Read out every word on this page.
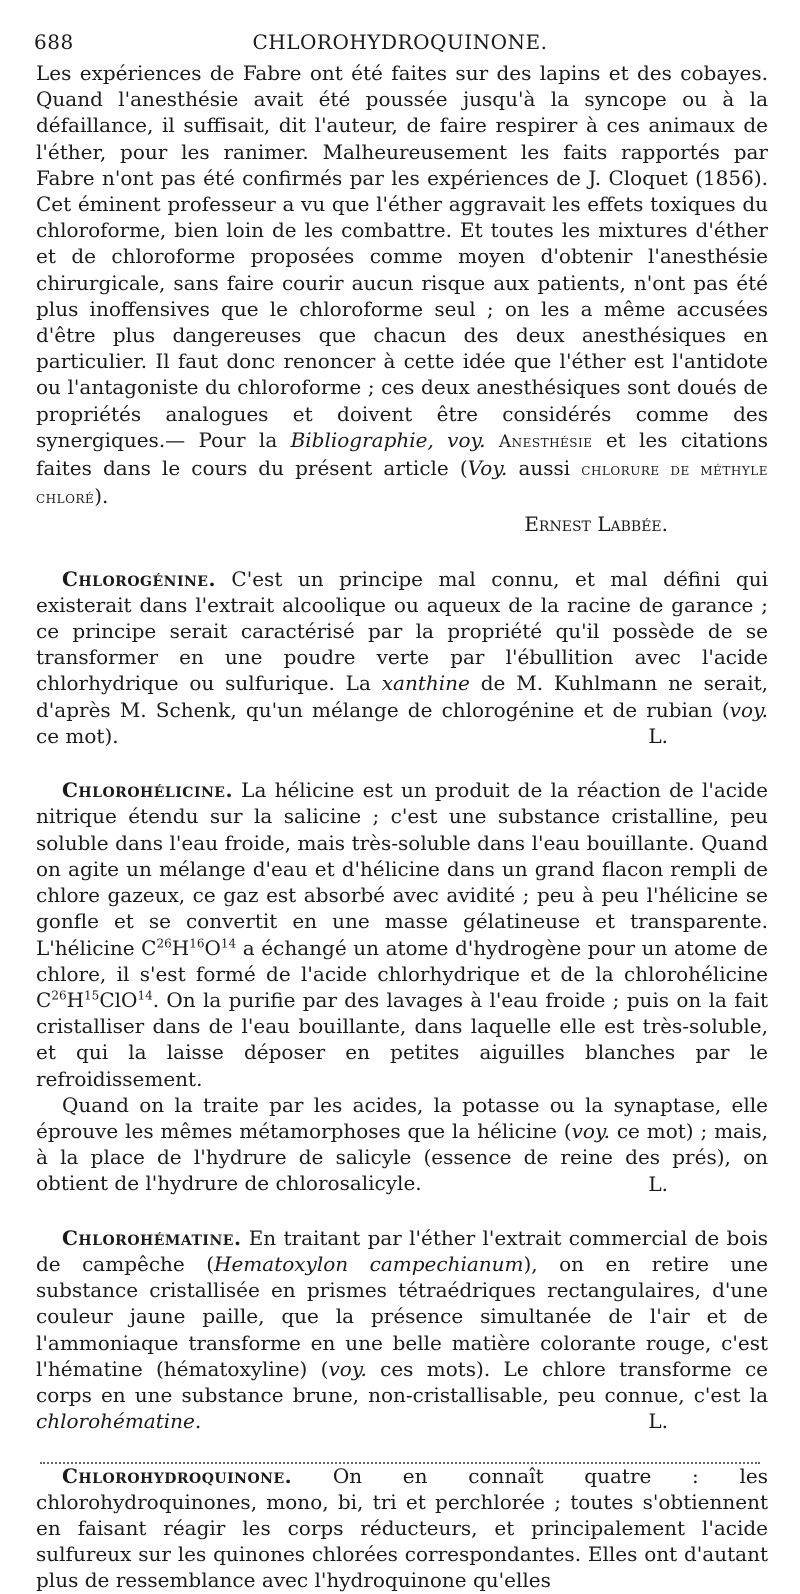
688	CHLOROHYDROQUINONE.

Les expériences de Fabre ont été faites sur des lapins et des cobayes. Quand l'anesthésie avait été poussée jusqu'à la syncope ou à la défaillance, il suffisait, dit l'auteur, de faire respirer à ces animaux de l'éther, pour les ranimer. Malheureusement les faits rapportés par Fabre n'ont pas été confirmés par les expériences de J. Cloquet (1856). Cet éminent professeur a vu que l'éther aggravait les effets toxiques du chloroforme, bien loin de les combattre. Et toutes les mixtures d'éther et de chloroforme proposées comme moyen d'obtenir l'anesthésie chirurgicale, sans faire courir aucun risque aux patients, n'ont pas été plus inoffensives que le chloroforme seul ; on les a même accusées d'être plus dangereuses que chacun des deux anesthésiques en particulier. Il faut donc renoncer à cette idée que l'éther est l'antidote ou l'antagoniste du chloroforme ; ces deux anesthésiques sont doués de propriétés analogues et doivent être considérés comme des synergiques.— Pour la Bibliographie, voy. Anesthésie et les citations faites dans le cours du présent article (Voy. aussi chlorure de méthyle chloré).
Ernest Labbée.

Chlorogénine. C'est un principe mal connu, et mal défini qui existerait dans l'extrait alcoolique ou aqueux de la racine de garance ; ce principe serait caractérisé par la propriété qu'il possède de se transformer en une poudre verte par l'ébullition avec l'acide chlorhydrique ou sulfurique. La xanthine de M. Kuhlmann ne serait, d'après M. Schenk, qu'un mélange de chlorogénine et de rubian (voy. ce mot).	L.

Chlorohélicine. La hélicine est un produit de la réaction de l'acide nitrique étendu sur la salicine ; c'est une substance cristalline, peu soluble dans l'eau froide, mais très-soluble dans l'eau bouillante. Quand on agite un mélange d'eau et d'hélicine dans un grand flacon rempli de chlore gazeux, ce gaz est absorbé avec avidité ; peu à peu l'hélicine se gonfle et se convertit en une masse gélatineuse et transparente. L'hélicine $C^{26}H^{16}O^{14}$ a échangé un atome d'hydrogène pour un atome de chlore, il s'est formé de l'acide chlorhydrique et de la chlorohélicine $C^{26}H^{15}ClO^{14}$. On la purifie par des lavages à l'eau froide ; puis on la fait cristalliser dans de l'eau bouillante, dans laquelle elle est très-soluble, et qui la laisse déposer en petites aiguilles blanches par le refroidissement.

Quand on la traite par les acides, la potasse ou la synaptase, elle éprouve les mêmes métamorphoses que la hélicine (voy. ce mot) ; mais, à la place de l'hydrure de salicyle (essence de reine des prés), on obtient de l'hydrure de chlorosalicyle.	L.

Chlorohématine. En traitant par l'éther l'extrait commercial de bois de campêche (Hematoxylon campechianum), on en retire une substance cristallisée en prismes tétraédriques rectangulaires, d'une couleur jaune paille, que la présence simultanée de l'air et de l'ammoniaque transforme en une belle matière colorante rouge, c'est l'hématine (hématoxyline) (voy. ces mots). Le chlore transforme ce corps en une substance brune, non-cristallisable, peu connue, c'est la chlorohématine.	L.

Chlorohydroquinone. On en connaît quatre : les chlorohydroquinones, mono, bi, tri et perchlorée ; toutes s'obtiennent en faisant réagir les corps réducteurs, et principalement l'acide sulfureux sur les quinones chlorées correspondantes. Elles ont d'autant plus de ressemblance avec l'hydroquinone qu'elles
